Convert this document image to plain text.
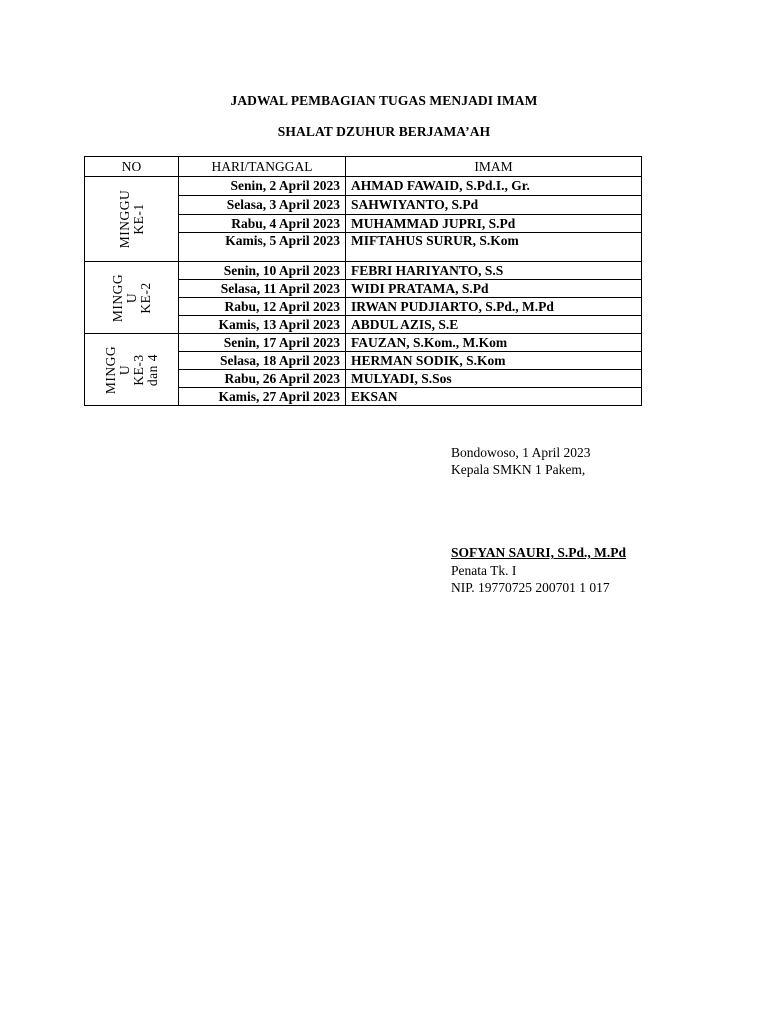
JADWAL PEMBAGIAN TUGAS MENJADI IMAM
SHALAT DZUHUR BERJAMA’AH
NO	HARI/TANGGAL	IMAM

MINGGU KE-1	Senin, 2 April 2023	AHMAD FAWAID, S.Pd.I., Gr.
	Selasa, 3 April 2023	SAHWIYANTO, S.Pd
	Rabu, 4 April 2023	MUHAMMAD JUPRI, S.Pd
	Kamis, 5 April 2023	MIFTAHUS SURUR, S.Kom

MINGG U KE-2	Senin, 10 April 2023	FEBRI HARIYANTO, S.S
	Selasa, 11 April 2023	WIDI PRATAMA, S.Pd
	Rabu, 12 April 2023	IRWAN PUDJIARTO, S.Pd., M.Pd
	Kamis, 13 April 2023	ABDUL AZIS, S.E

MINGG U KE-3 dan 4	Senin, 17 April 2023	FAUZAN, S.Kom., M.Kom
	Selasa, 18 April 2023	HERMAN SODIK, S.Kom
	Rabu, 26 April 2023	MULYADI, S.Sos
	Kamis, 27 April 2023	EKSAN
Bondowoso, 1 April 2023
Kepala SMKN 1 Pakem,
SOFYAN SAURI, S.Pd., M.Pd
Penata Tk. I
NIP. 19770725 200701 1 017
